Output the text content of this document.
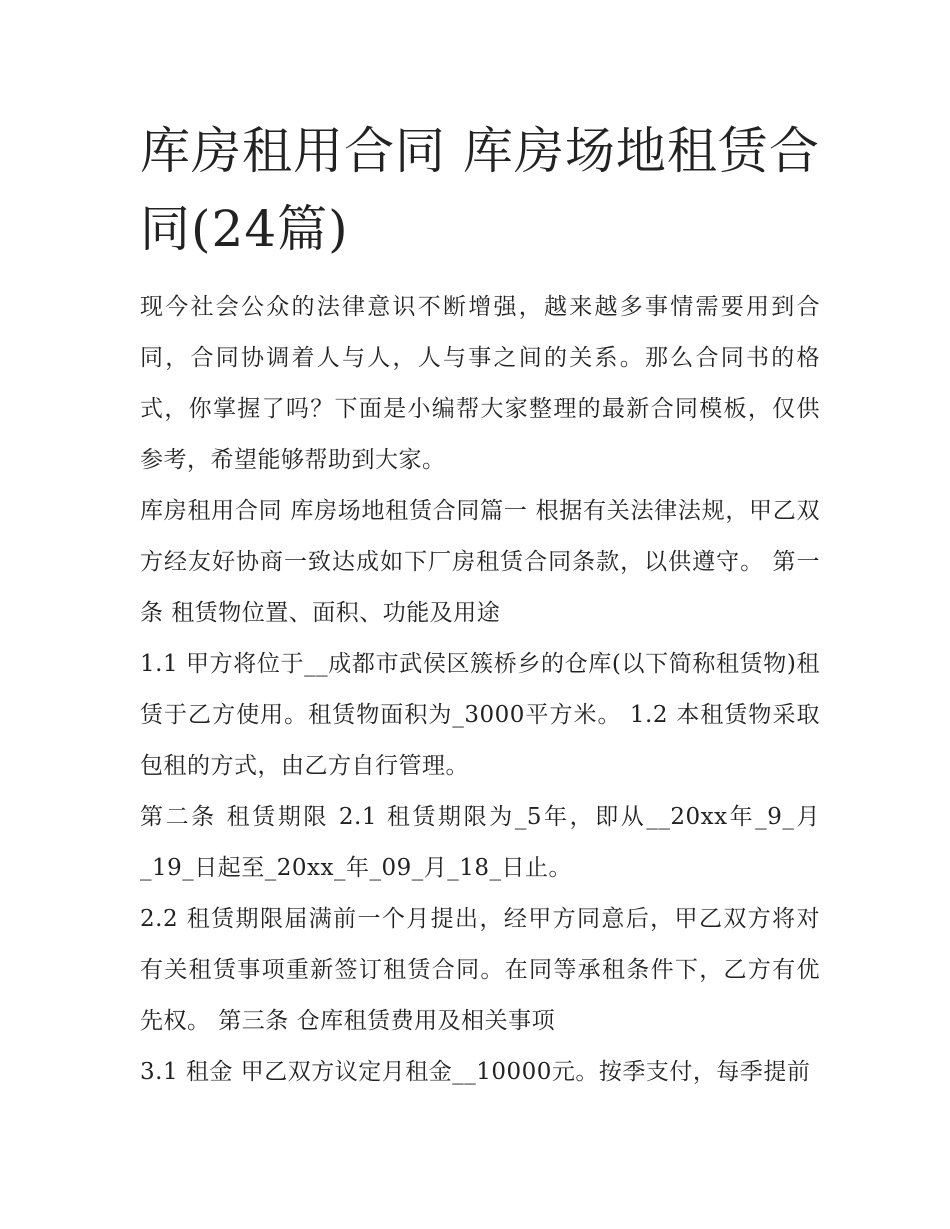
库房租用合同 库房场地租赁合同(24篇)

现今社会公众的法律意识不断增强，越来越多事情需要用到合同，合同协调着人与人，人与事之间的关系。那么合同书的格式，你掌握了吗？下面是小编帮大家整理的最新合同模板，仅供参考，希望能够帮助到大家。

库房租用合同 库房场地租赁合同篇一 根据有关法律法规，甲乙双方经友好协商一致达成如下厂房租赁合同条款，以供遵守。 第一条 租赁物位置、面积、功能及用途

1.1 甲方将位于__成都市武侯区簇桥乡的仓库(以下简称租赁物)租赁于乙方使用。租赁物面积为_3000平方米。 1.2 本租赁物采取包租的方式，由乙方自行管理。

第二条 租赁期限 2.1 租赁期限为_5年，即从__20xx年_9_月_19_日起至_20xx_年_09_月_18_日止。

2.2 租赁期限届满前一个月提出，经甲方同意后，甲乙双方将对有关租赁事项重新签订租赁合同。在同等承租条件下，乙方有优先权。 第三条 仓库租赁费用及相关事项

3.1 租金 甲乙双方议定月租金__10000元。按季支付，每季提前
